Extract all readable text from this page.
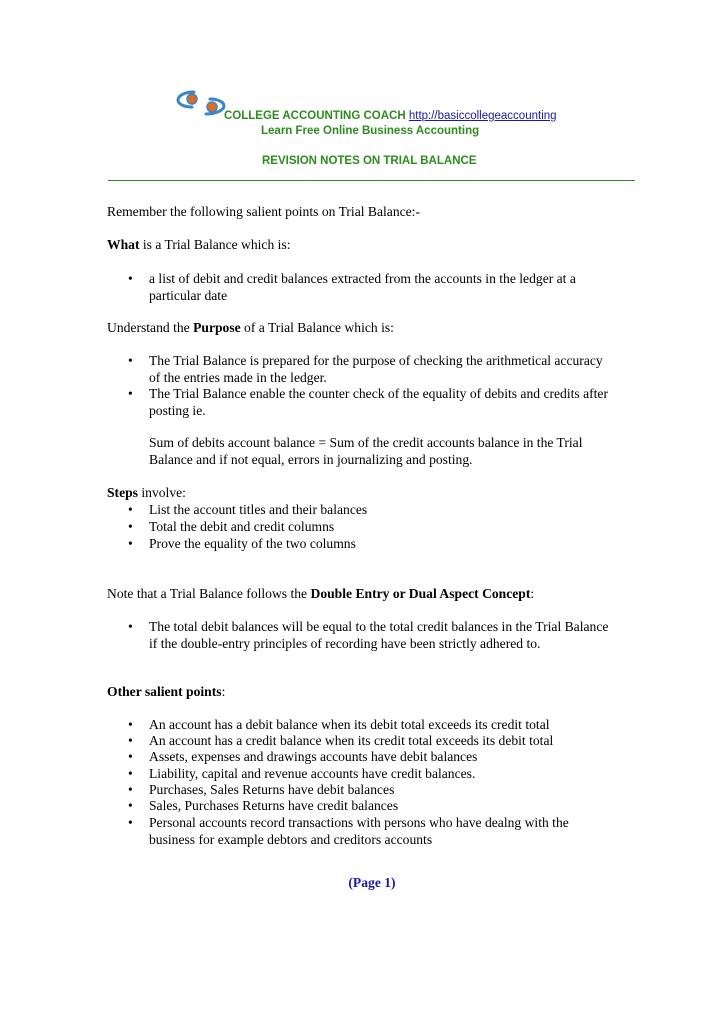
COLLEGE ACCOUNTING COACH http://basiccollegeaccounting
Learn Free Online Business Accounting
REVISION NOTES ON TRIAL BALANCE
Remember the following salient points on Trial Balance:-
What is a Trial Balance which is:
•	a list of debit and credit balances extracted from the accounts in the ledger at a
particular date
Understand the Purpose of a Trial Balance which is:
•	The Trial Balance is prepared for the purpose of checking the arithmetical accuracy
of the entries made in the ledger.
•	The Trial Balance enable the counter check of the equality of debits and credits after
posting ie.
Sum of debits account balance = Sum of the credit accounts balance in the Trial
Balance and if not equal, errors in journalizing and posting.
Steps involve:
•	List the account titles and their balances
•	Total the debit and credit columns
•	Prove the equality of the two columns
Note that a Trial Balance follows the Double Entry or Dual Aspect Concept:
•	The total debit balances will be equal to the total credit balances in the Trial Balance
if the double-entry principles of recording have been strictly adhered to.
Other salient points:
•	An account has a debit balance when its debit total exceeds its credit total
•	An account has a credit balance when its credit total exceeds its debit total
•	Assets, expenses and drawings accounts have debit balances
•	Liability, capital and revenue accounts have credit balances.
•	Purchases, Sales Returns have debit balances
•	Sales, Purchases Returns have credit balances
•	Personal accounts record transactions with persons who have dealng with the
business for example debtors and creditors accounts
(Page 1)
